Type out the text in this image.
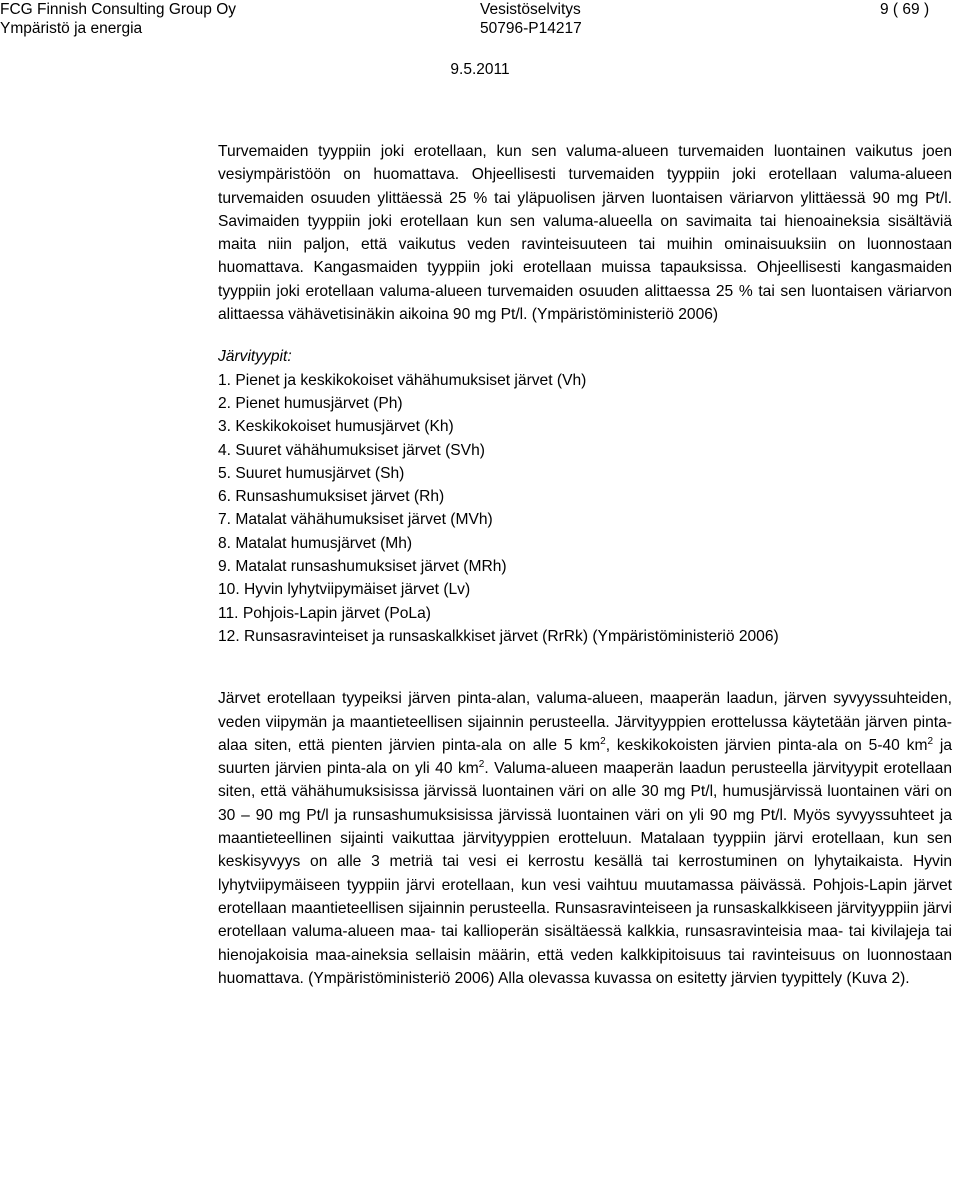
FCG Finnish Consulting Group Oy
Ympäristö ja energia
Vesistöselvitys
50796-P14217
9 ( 69 )
9.5.2011

Turvemaiden tyyppiin joki erotellaan, kun sen valuma-alueen turvemaiden luontainen vaikutus joen vesiympäristöön on huomattava. Ohjeellisesti turvemaiden tyyppiin joki erotellaan valuma-alueen turvemaiden osuuden ylittäessä 25 % tai yläpuolisen järven luontaisen väriarvon ylittäessä 90 mg Pt/l. Savimaiden tyyppiin joki erotellaan kun sen valuma-alueella on savimaita tai hienoaineksia sisältäviä maita niin paljon, että vaikutus veden ravinteisuuteen tai muihin ominaisuuksiin on luonnostaan huomattava. Kangasmaiden tyyppiin joki erotellaan muissa tapauksissa. Ohjeellisesti kangasmaiden tyyppiin joki erotellaan valuma-alueen turvemaiden osuuden alittaessa 25 % tai sen luontaisen väriarvon alittaessa vähävetisinäkin aikoina 90 mg Pt/l. (Ympäristöministeriö 2006)

Järvityypit:
1. Pienet ja keskikokoiset vähähumuksiset järvet (Vh)
2. Pienet humusjärvet (Ph)
3. Keskikokoiset humusjärvet (Kh)
4. Suuret vähähumuksiset järvet (SVh)
5. Suuret humusjärvet (Sh)
6. Runsashumuksiset järvet (Rh)
7. Matalat vähähumuksiset järvet (MVh)
8. Matalat humusjärvet (Mh)
9. Matalat runsashumuksiset järvet (MRh)
10. Hyvin lyhytviipymäiset järvet (Lv)
11. Pohjois-Lapin järvet (PoLa)
12. Runsasravinteiset ja runsaskalkkiset järvet (RrRk) (Ympäristöministeriö 2006)

Järvet erotellaan tyypeiksi järven pinta-alan, valuma-alueen, maaperän laadun, järven syvyyssuhteiden, veden viipymän ja maantieteellisen sijainnin perusteella. Järvityyppien erottelussa käytetään järven pinta-alaa siten, että pienten järvien pinta-ala on alle 5 $km^2$, keskikokoisten järvien pinta-ala on 5-40 $km^2$ ja suurten järvien pinta-ala on yli 40 $km^2$. Valuma-alueen maaperän laadun perusteella järvityypit erotellaan siten, että vähähumuksisissa järvissä luontainen väri on alle 30 mg Pt/l, humusjärvissä luontainen väri on 30 – 90 mg Pt/l ja runsashumuksisissa järvissä luontainen väri on yli 90 mg Pt/l. Myös syvyyssuhteet ja maantieteellinen sijainti vaikuttaa järvityyppien erotteluun. Matalaan tyyppiin järvi erotellaan, kun sen keskisyvyys on alle 3 metriä tai vesi ei kerrostu kesällä tai kerrostuminen on lyhytaikaista. Hyvin lyhytviipymäiseen tyyppiin järvi erotellaan, kun vesi vaihtuu muutamassa päivässä. Pohjois-Lapin järvet erotellaan maantieteellisen sijainnin perusteella. Runsasravinteiseen ja runsaskalkkiseen järvityyppiin järvi erotellaan valuma-alueen maa- tai kallioperän sisältäessä kalkkia, runsasravinteisia maa- tai kivilajeja tai hienojakoisia maa-aineksia sellaisin määrin, että veden kalkkipitoisuus tai ravinteisuus on luonnostaan huomattava. (Ympäristöministeriö 2006) Alla olevassa kuvassa on esitetty järvien tyypittely (Kuva 2).
